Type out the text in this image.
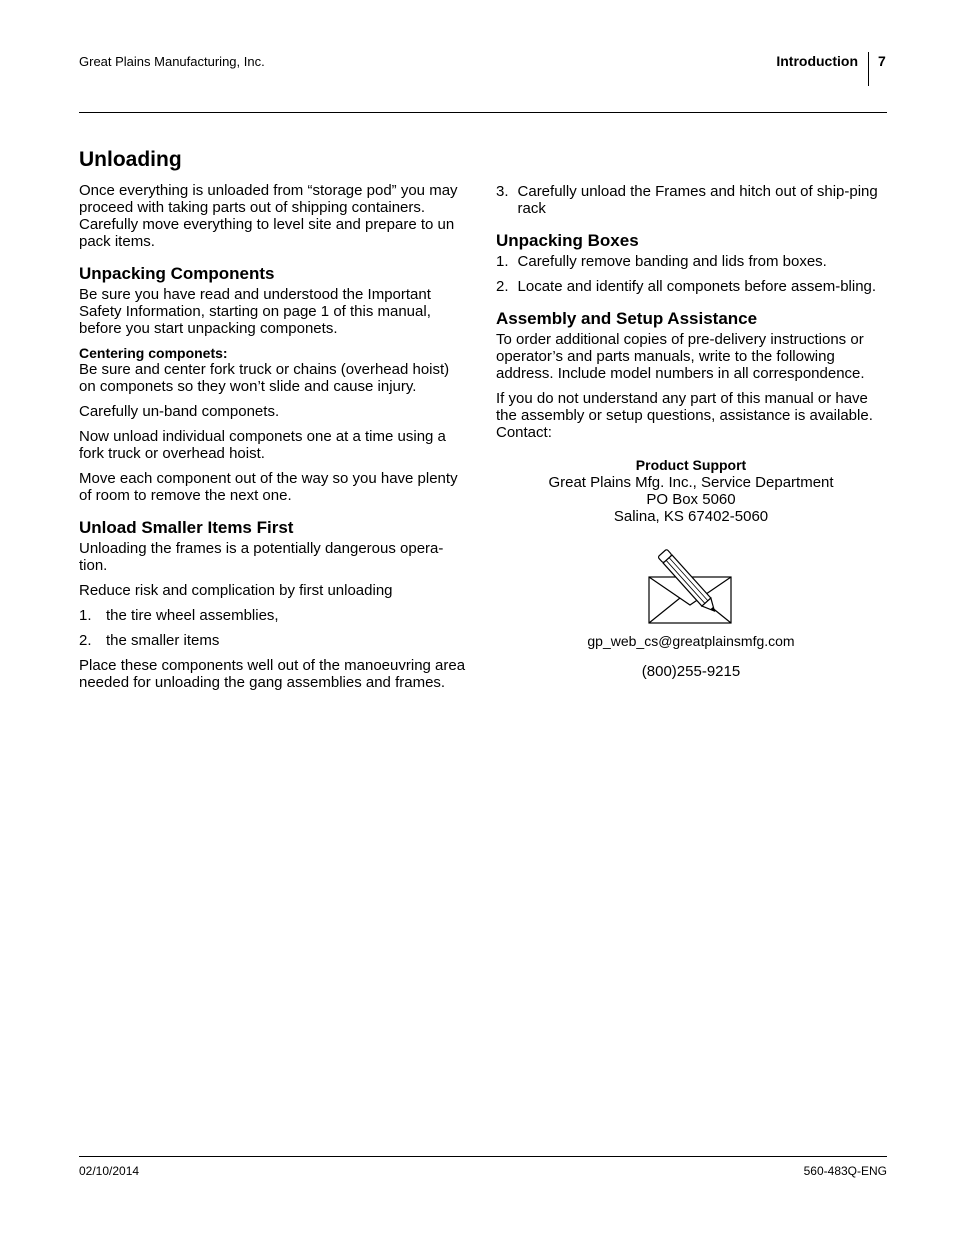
Great Plains Manufacturing, Inc.	Introduction 7
Unloading

Once everything is unloaded from “storage pod” you may proceed with taking parts out of shipping containers. Carefully move everything to level site and prepare to un pack items.

Unpacking Components

Be sure you have read and understood the Important Safety Information, starting on page 1 of this manual, before you start unpacking componets.

Centering componets:

Be sure and center fork truck or chains (overhead hoist) on componets so they won’t slide and cause injury.

Carefully un-band componets.

Now unload individual componets one at a time using a fork truck or overhead hoist.

Move each component out of the way so you have plenty of room to remove the next one.

Unload Smaller Items First

Unloading the frames is a potentially dangerous opera-tion.

Reduce risk and complication by first unloading

1. the tire wheel assemblies,
2. the smaller items

Place these components well out of the manoeuvring area needed for unloading the gang assemblies and frames.

3. Carefully unload the Frames and hitch out of ship-ping rack
Unpacking Boxes
1. Carefully remove banding and lids from boxes.
2. Locate and identify all componets before assem-bling.
Assembly and Setup Assistance

To order additional copies of pre-delivery instructions or operator’s and parts manuals, write to the following address. Include model numbers in all correspondence.

If you do not understand any part of this manual or have the assembly or setup questions, assistance is available. Contact:

Product Support
Great Plains Mfg. Inc., Service Department
PO Box 5060
Salina, KS 67402-5060
gp_web_cs@greatplainsmfg.com
(800)255-9215
02/10/2014	560-483Q-ENG
